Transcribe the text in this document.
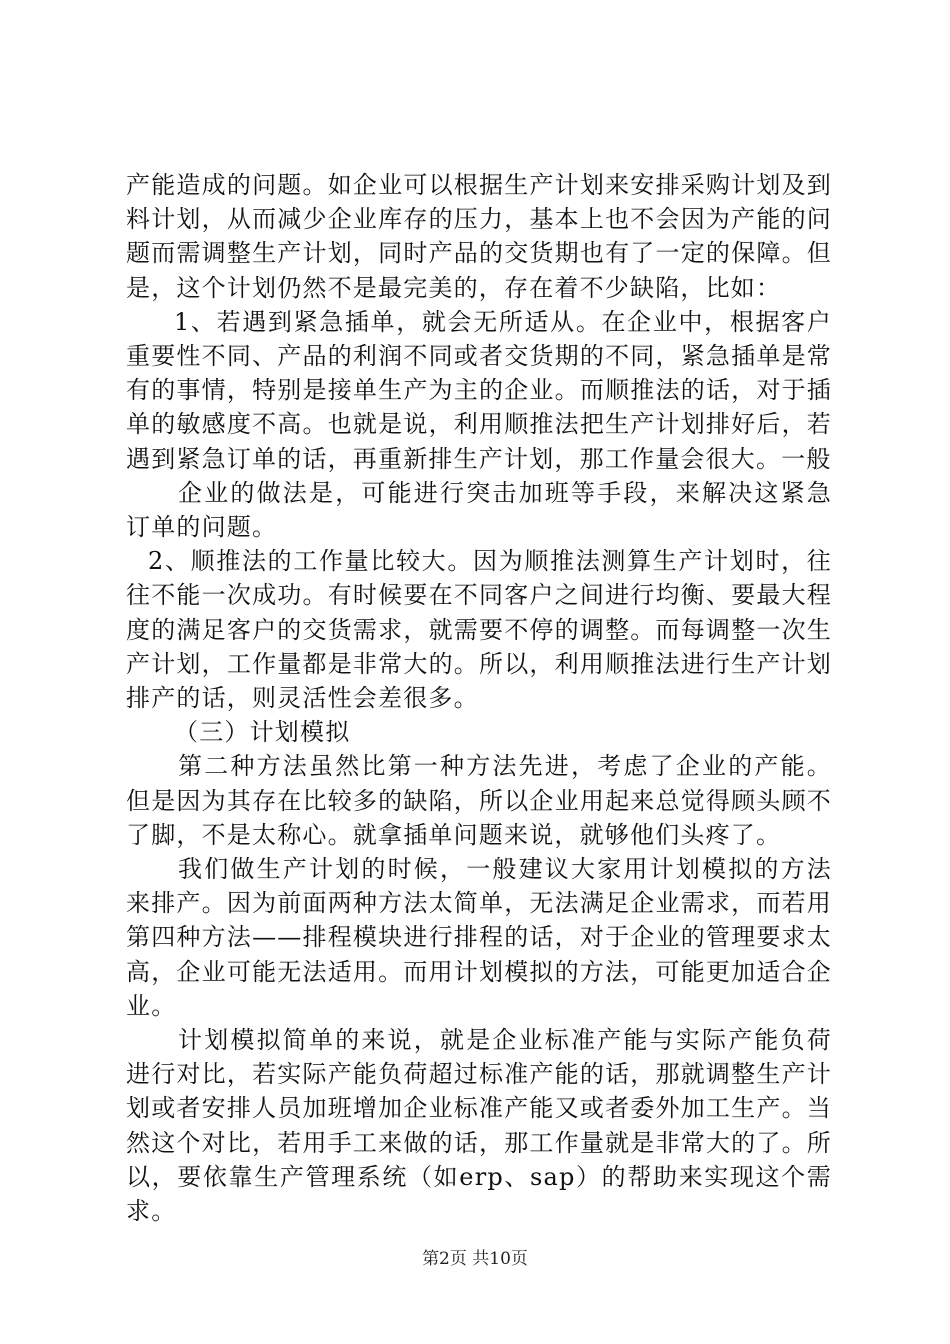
产能造成的问题。如企业可以根据生产计划来安排采购计划及到料计划，从而减少企业库存的压力，基本上也不会因为产能的问题而需调整生产计划，同时产品的交货期也有了一定的保障。但是，这个计划仍然不是最完美的，存在着不少缺陷，比如：

1、若遇到紧急插单，就会无所适从。在企业中，根据客户重要性不同、产品的利润不同或者交货期的不同，紧急插单是常有的事情，特别是接单生产为主的企业。而顺推法的话，对于插单的敏感度不高。也就是说，利用顺推法把生产计划排好后，若遇到紧急订单的话，再重新排生产计划，那工作量会很大。一般

企业的做法是，可能进行突击加班等手段，来解决这紧急订单的问题。

2、顺推法的工作量比较大。因为顺推法测算生产计划时，往往不能一次成功。有时候要在不同客户之间进行均衡、要最大程度的满足客户的交货需求，就需要不停的调整。而每调整一次生产计划，工作量都是非常大的。所以，利用顺推法进行生产计划排产的话，则灵活性会差很多。

（三）计划模拟

第二种方法虽然比第一种方法先进，考虑了企业的产能。但是因为其存在比较多的缺陷，所以企业用起来总觉得顾头顾不了脚，不是太称心。就拿插单问题来说，就够他们头疼了。

我们做生产计划的时候，一般建议大家用计划模拟的方法来排产。因为前面两种方法太简单，无法满足企业需求，而若用第四种方法——排程模块进行排程的话，对于企业的管理要求太高，企业可能无法适用。而用计划模拟的方法，可能更加适合企业。

计划模拟简单的来说，就是企业标准产能与实际产能负荷进行对比，若实际产能负荷超过标准产能的话，那就调整生产计划或者安排人员加班增加企业标准产能又或者委外加工生产。当然这个对比，若用手工来做的话，那工作量就是非常大的了。所以，要依靠生产管理系统（如erp、sap）的帮助来实现这个需求。

第2页 共10页
